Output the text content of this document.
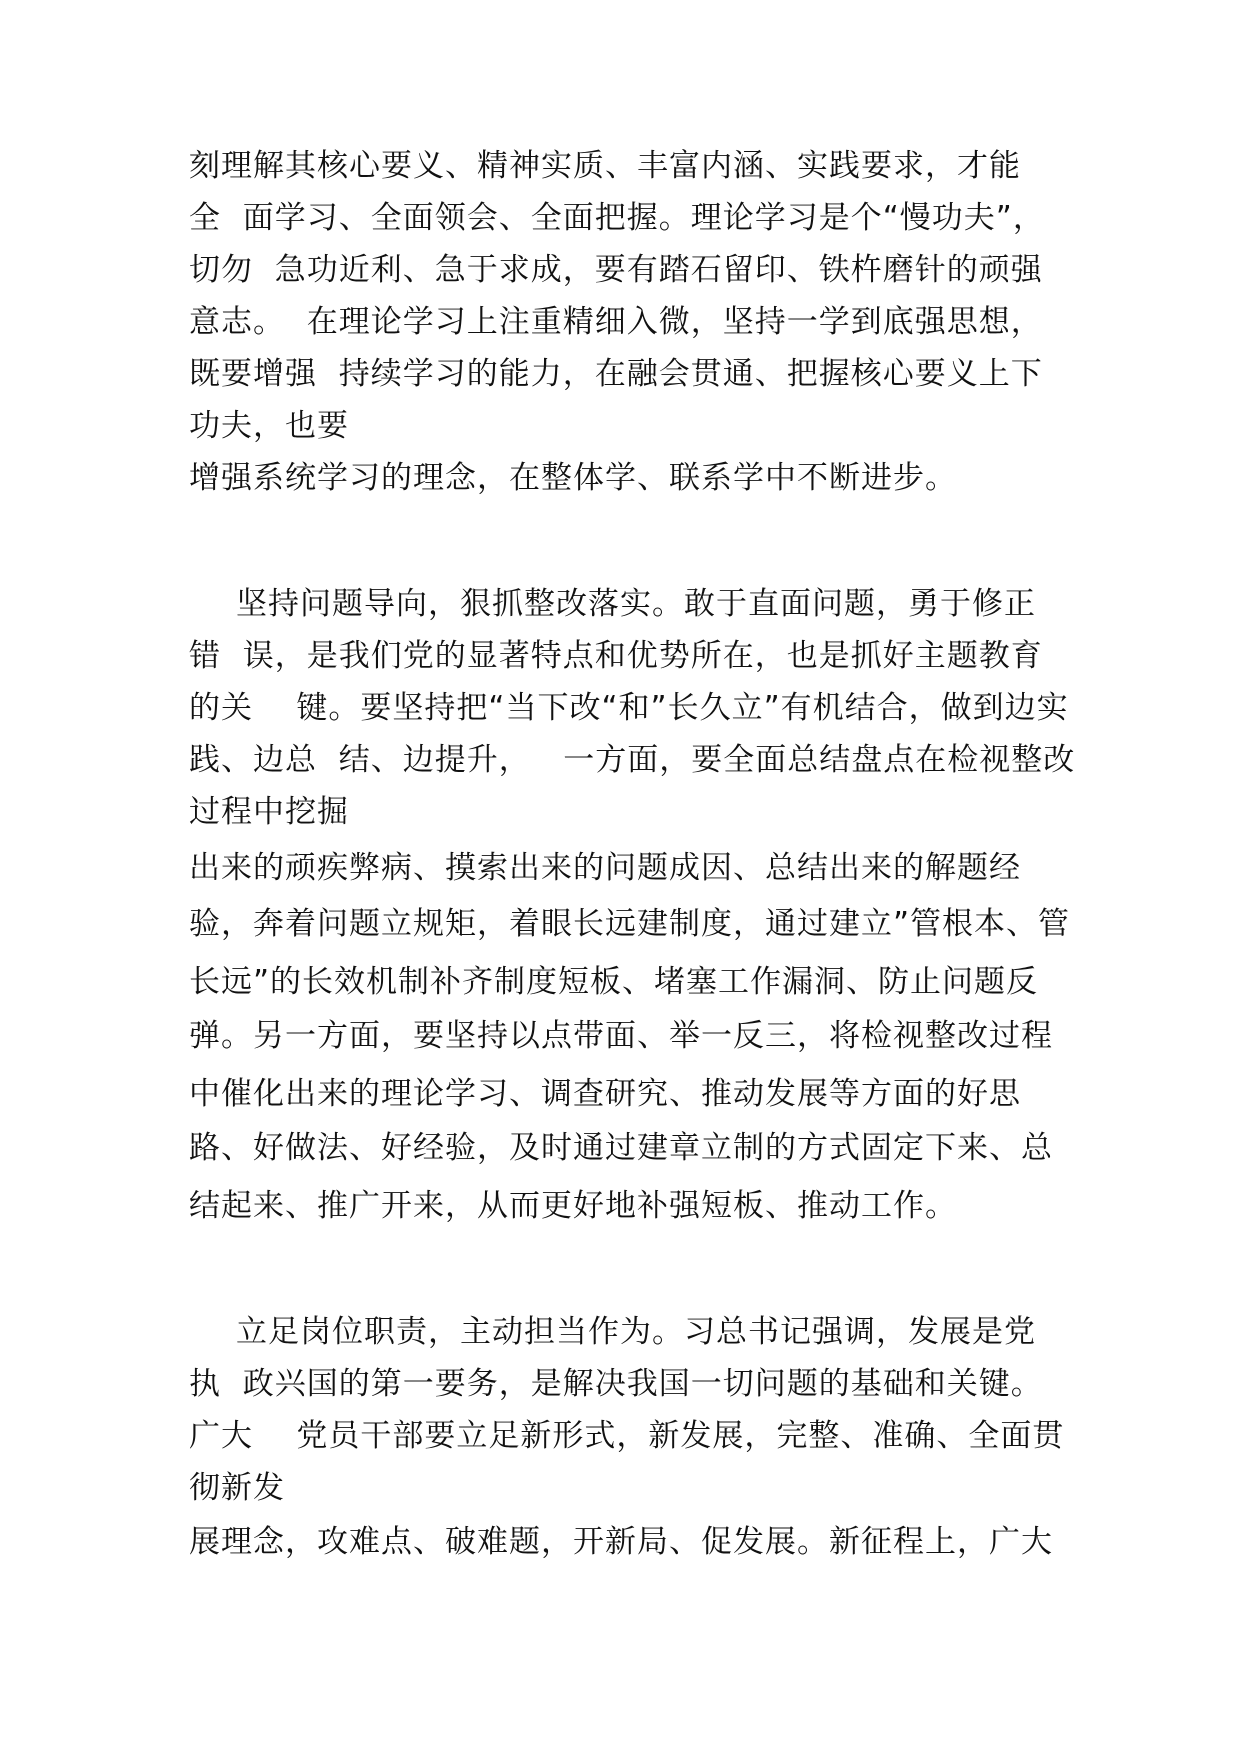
刻理解其核心要义、精神实质、丰富内涵、实践要求，才能

全  面学习、全面领会、全面把握。理论学习是个“慢功夫”，

切勿  急功近利、急于求成，要有踏石留印、铁杵磨针的顽强

意志。  在理论学习上注重精细入微，坚持一学到底强思想，

既要增强  持续学习的能力，在融会贯通、把握核心要义上下

功夫，也要

增强系统学习的理念，在整体学、联系学中不断进步。

坚持问题导向，狠抓整改落实。敢于直面问题，勇于修正

错  误，是我们党的显著特点和优势所在，也是抓好主题教育

的关    键。要坚持把“当下改“和”长久立”有机结合，做到边实

践、边总  结、边提升，   一方面，要全面总结盘点在检视整改

过程中挖掘

出来的顽疾弊病、摸索出来的问题成因、总结出来的解题经

验，奔着问题立规矩，着眼长远建制度，通过建立”管根本、管

长远”的长效机制补齐制度短板、堵塞工作漏洞、防止问题反

弹。另一方面，要坚持以点带面、举一反三，将检视整改过程

中催化出来的理论学习、调查研究、推动发展等方面的好思

路、好做法、好经验，及时通过建章立制的方式固定下来、总

结起来、推广开来，从而更好地补强短板、推动工作。

立足岗位职责，主动担当作为。习总书记强调，发展是党

执  政兴国的第一要务，是解决我国一切问题的基础和关键。

广大    党员干部要立足新形式，新发展，完整、准确、全面贯

彻新发

展理念，攻难点、破难题，开新局、促发展。新征程上，广大
